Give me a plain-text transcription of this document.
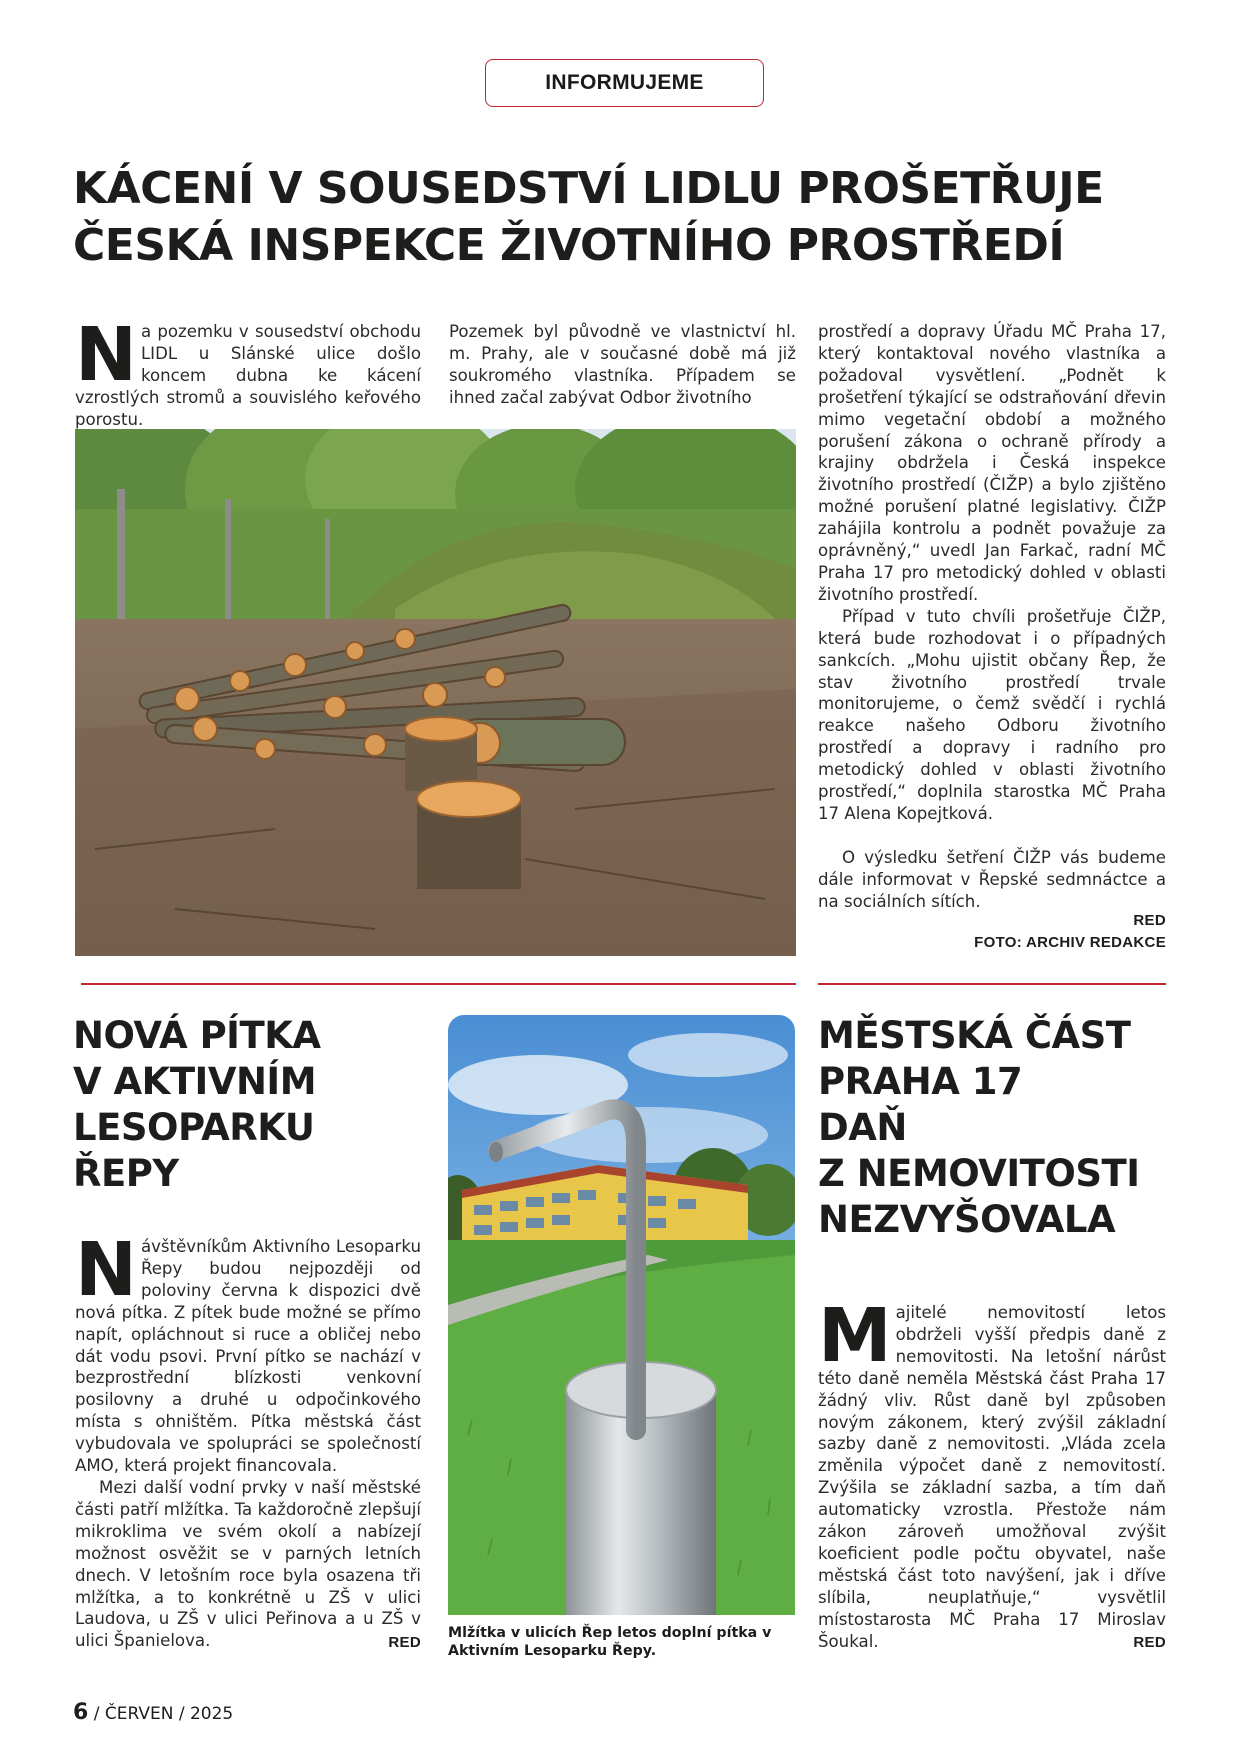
INFORMUJEME
KÁCENÍ V SOUSEDSTVÍ LIDLU PROŠETŘUJE
ČESKÁ INSPEKCE ŽIVOTNÍHO PROSTŘEDÍ
N a pozemku v sousedství obchodu LIDL u Slánské ulice došlo koncem dubna ke kácení vzrostlých stromů a souvislého keřového porostu.
Pozemek byl původně ve vlastnictví hl. m. Prahy, ale v současné době má již soukromého vlastníka. Případem se ihned začal zabývat Odbor životního

prostředí a dopravy Úřadu MČ Praha 17, který kontaktoval nového vlastníka a požadoval vysvětlení. „Podnět k prošetření týkající se odstraňování dřevin mimo vegetační období a možného porušení zákona o ochraně přírody a krajiny obdržela i Česká inspekce životního prostředí (ČIŽP) a bylo zjištěno možné porušení platné legislativy. ČIŽP zahájila kontrolu a podnět považuje za oprávněný,“ uvedl Jan Farkač, radní MČ Praha 17 pro metodický dohled v oblasti životního prostředí.

Případ v tuto chvíli prošetřuje ČIŽP, která bude rozhodovat i o případných sankcích. „Mohu ujistit občany Řep, že stav životního prostředí trvale monitorujeme, o čemž svědčí i rychlá reakce našeho Odboru životního prostředí a dopravy i radního pro metodický dohled v oblasti životního prostředí,“ doplnila starostka MČ Praha 17 Alena Kopejtková.

O výsledku šetření ČIŽP vás budeme dále informovat v Řepské sedmnáctce a na sociálních sítích.

RED
FOTO: ARCHIV REDAKCE
NOVÁ PÍTKA
V AKTIVNÍM
LESOPARKU
ŘEPY
N ávštěvníkům Aktivního Lesoparku Řepy budou nejpozději od poloviny června k dispozici dvě nová pítka. Z pítek bude možné se přímo napít, opláchnout si ruce a obličej nebo dát vodu psovi. První pítko se nachází v bezprostřední blízkosti venkovní posilovny a druhé u odpočinkového místa s ohništěm. Pítka městská část vybudovala ve spolupráci se společností AMO, která projekt financovala.

Mezi další vodní prvky v naší městské části patří mlžítka. Ta každoročně zlepšují mikroklima ve svém okolí a nabízejí možnost osvěžit se v parných letních dnech. V letošním roce byla osazena tři mlžítka, a to konkrétně u ZŠ v ulici Laudova, u ZŠ v ulici Peřinova a u ZŠ v ulici Španielova.	RED
Mlžítka v ulicích Řep letos doplní pítka v Aktivním Lesoparku Řepy.
MĚSTSKÁ ČÁST
PRAHA 17
DAŇ
Z NEMOVITOSTI
NEZVYŠOVALA
M ajitelé nemovitostí letos obdrželi vyšší předpis daně z nemovitosti. Na letošní nárůst této daně neměla Městská část Praha 17 žádný vliv. Růst daně byl způsoben novým zákonem, který zvýšil základní sazby daně z nemovitosti. „Vláda zcela změnila výpočet daně z nemovitostí. Zvýšila se základní sazba, a tím daň automaticky vzrostla. Přestože nám zákon zároveň umožňoval zvýšit koeficient podle počtu obyvatel, naše městská část toto navýšení, jak i dříve slíbila, neuplatňuje,“ vysvětlil místostarosta MČ Praha 17 Miroslav Šoukal.	RED
6 / ČERVEN / 2025
